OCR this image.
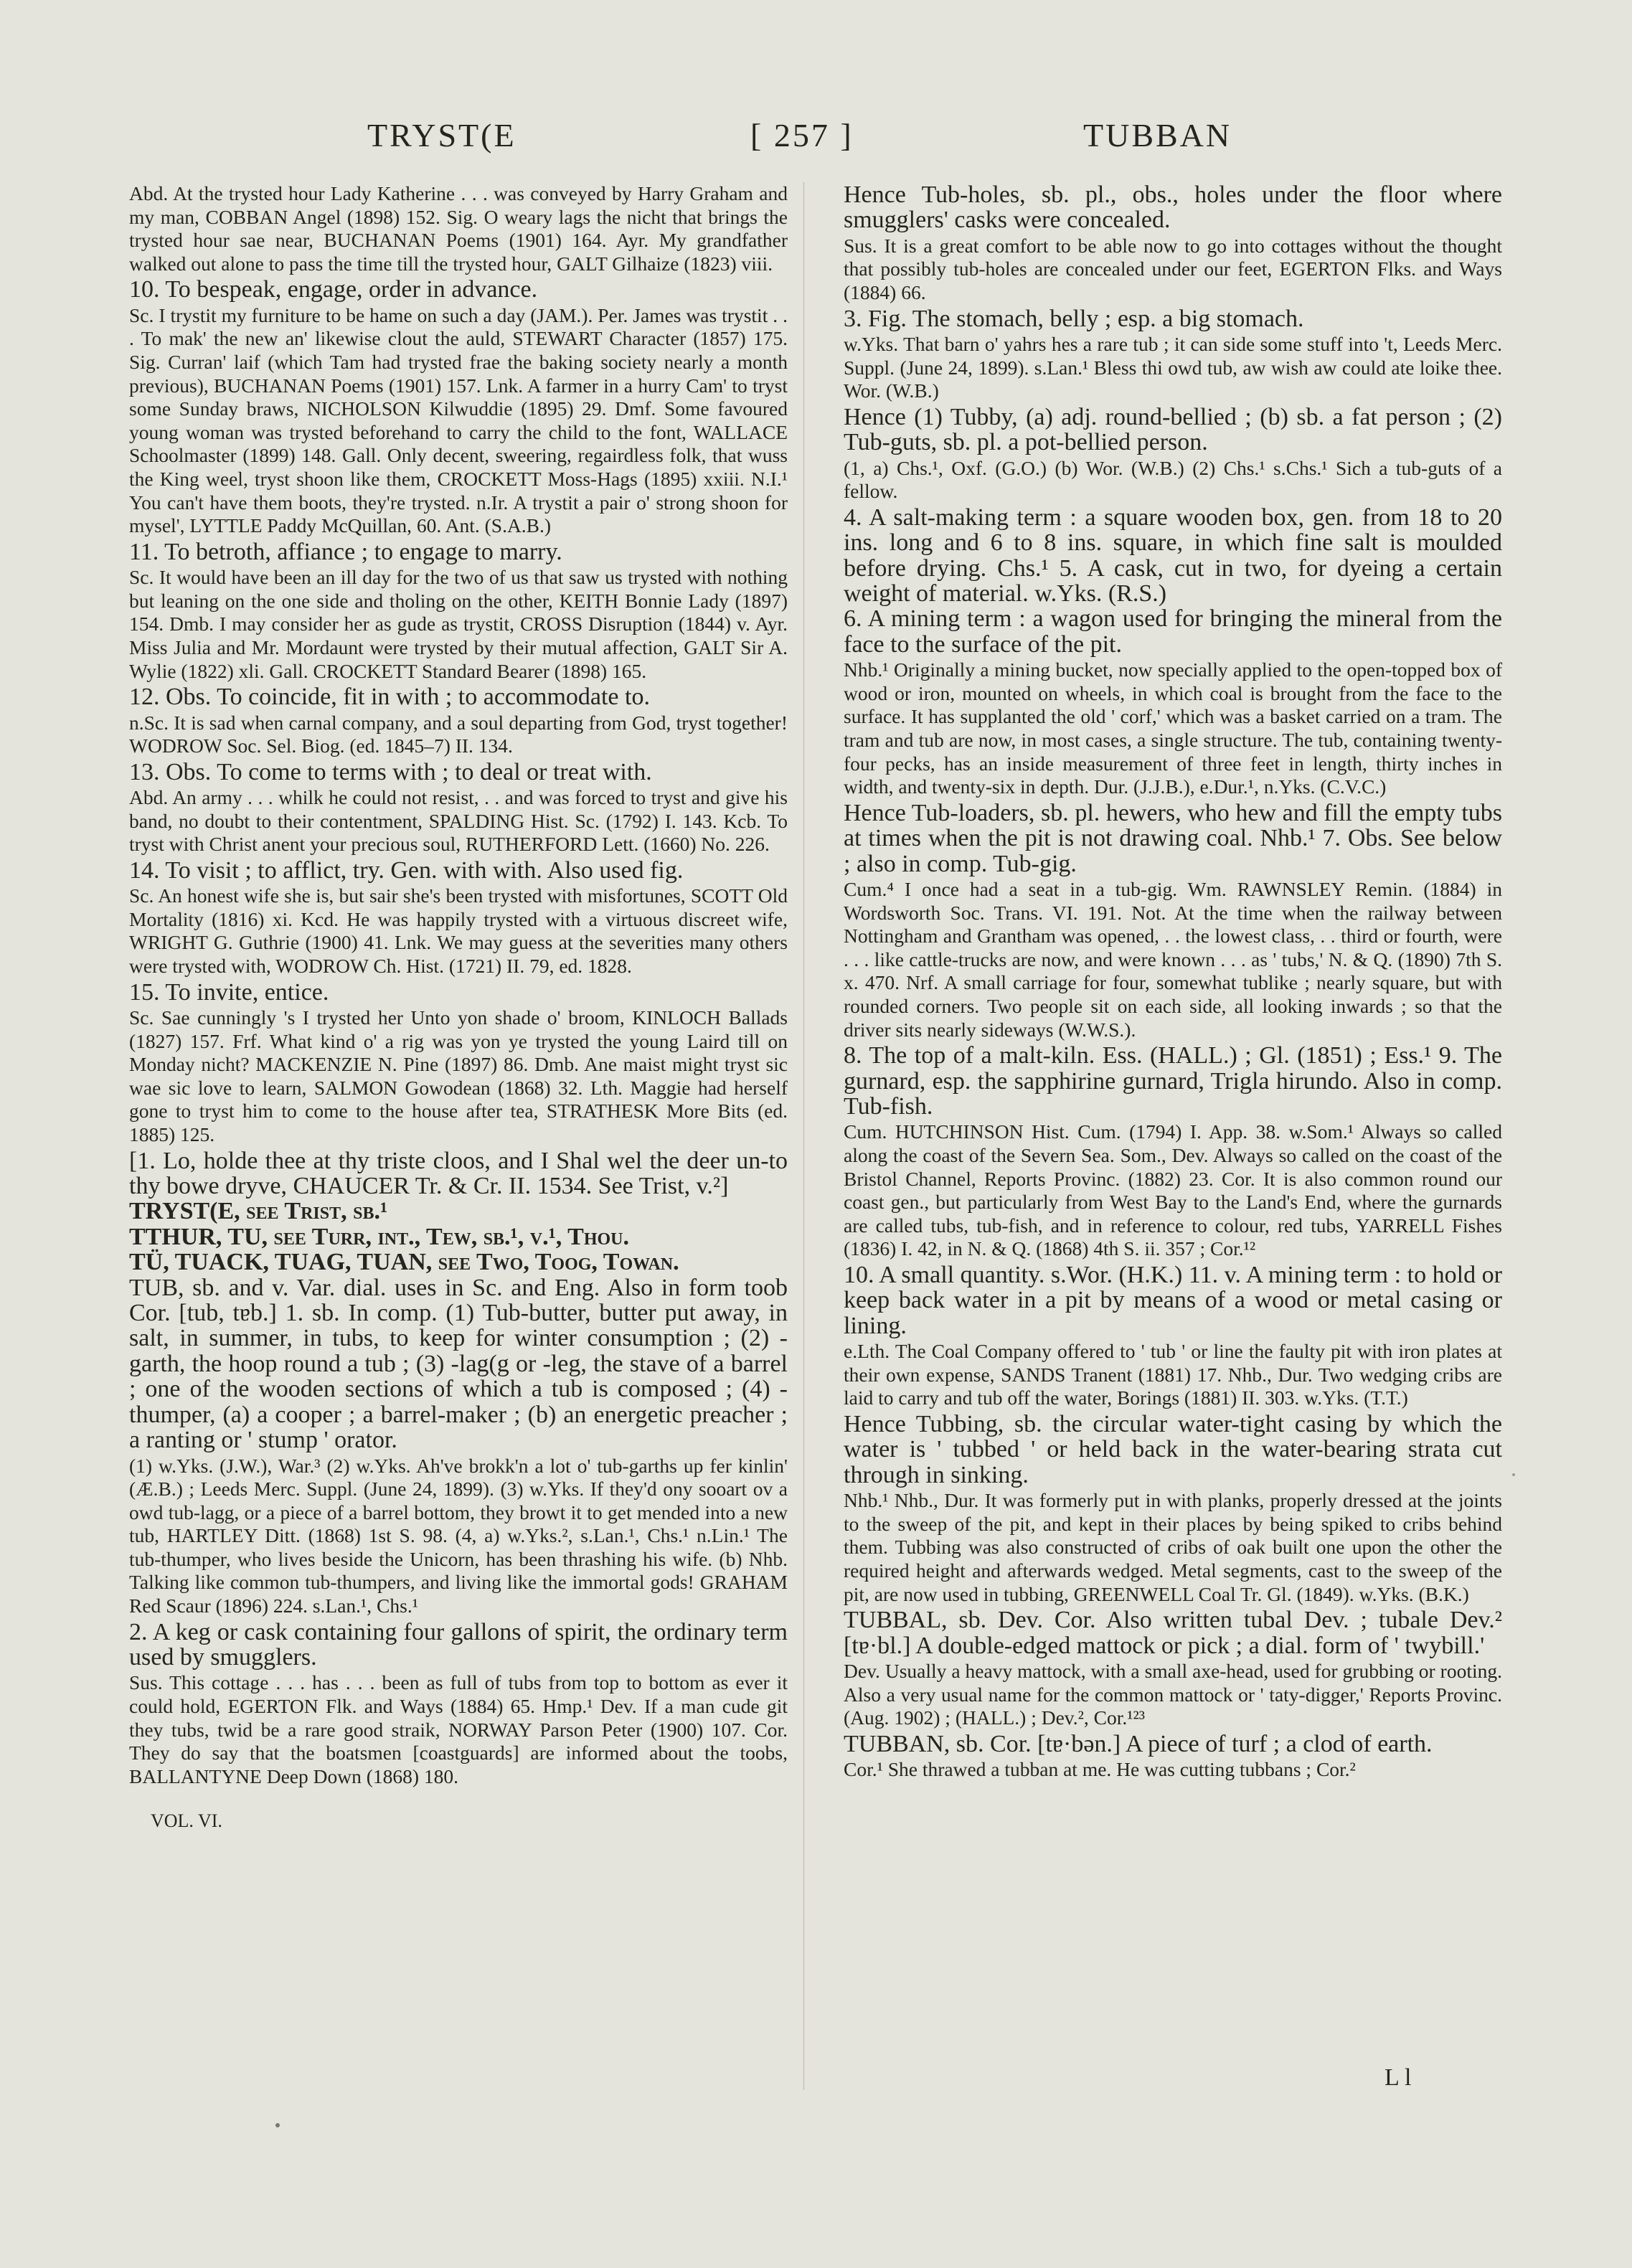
TRYST(E	[ 257 ]	TUBBAN

Abd. At the trysted hour Lady Katherine . . . was conveyed by Harry Graham and my man, COBBAN Angel (1898) 152. Sig. O weary lags the nicht that brings the trysted hour sae near, BUCHANAN Poems (1901) 164. Ayr. My grandfather walked out alone to pass the time till the trysted hour, GALT Gilhaize (1823) viii.

10. To bespeak, engage, order in advance.

Sc. I trystit my furniture to be hame on such a day (JAM.). Per. James was trystit . . . To mak' the new an' likewise clout the auld, STEWART Character (1857) 175. Sig. Curran' laif (which Tam had trysted frae the baking society nearly a month previous), BUCHANAN Poems (1901) 157. Lnk. A farmer in a hurry Cam' to tryst some Sunday braws, NICHOLSON Kilwuddie (1895) 29. Dmf. Some favoured young woman was trysted beforehand to carry the child to the font, WALLACE Schoolmaster (1899) 148. Gall. Only decent, sweering, regairdless folk, that wuss the King weel, tryst shoon like them, CROCKETT Moss-Hags (1895) xxiii. N.I.¹ You can't have them boots, they're trysted. n.Ir. A trystit a pair o' strong shoon for mysel', LYTTLE Paddy McQuillan, 60. Ant. (S.A.B.)

11. To betroth, affiance ; to engage to marry.

Sc. It would have been an ill day for the two of us that saw us trysted with nothing but leaning on the one side and tholing on the other, KEITH Bonnie Lady (1897) 154. Dmb. I may consider her as gude as trystit, CROSS Disruption (1844) v. Ayr. Miss Julia and Mr. Mordaunt were trysted by their mutual affection, GALT Sir A. Wylie (1822) xli. Gall. CROCKETT Standard Bearer (1898) 165.

12. Obs. To coincide, fit in with ; to accommodate to.

n.Sc. It is sad when carnal company, and a soul departing from God, tryst together! WODROW Soc. Sel. Biog. (ed. 1845–7) II. 134.

13. Obs. To come to terms with ; to deal or treat with.

Abd. An army . . . whilk he could not resist, . . and was forced to tryst and give his band, no doubt to their contentment, SPALDING Hist. Sc. (1792) I. 143. Kcb. To tryst with Christ anent your precious soul, RUTHERFORD Lett. (1660) No. 226.

14. To visit ; to afflict, try. Gen. with with. Also used fig.

Sc. An honest wife she is, but sair she's been trysted with misfortunes, SCOTT Old Mortality (1816) xi. Kcd. He was happily trysted with a virtuous discreet wife, WRIGHT G. Guthrie (1900) 41. Lnk. We may guess at the severities many others were trysted with, WODROW Ch. Hist. (1721) II. 79, ed. 1828.

15. To invite, entice.

Sc. Sae cunningly 's I trysted her Unto yon shade o' broom, KINLOCH Ballads (1827) 157. Frf. What kind o' a rig was yon ye trysted the young Laird till on Monday nicht? MACKENZIE N. Pine (1897) 86. Dmb. Ane maist might tryst sic wae sic love to learn, SALMON Gowodean (1868) 32. Lth. Maggie had herself gone to tryst him to come to the house after tea, STRATHESK More Bits (ed. 1885) 125.

[1. Lo, holde thee at thy triste cloos, and I Shal wel the deer un-to thy bowe dryve, CHAUCER Tr. & Cr. II. 1534. See Trist, v.²]

TRYST(E, see Trist, sb.¹

TTHUR, TU, see Turr, int., Tew, sb.¹, v.¹, Thou.

TÜ, TUACK, TUAG, TUAN, see Two, Toog, Towan.

TUB, sb. and v. Var. dial. uses in Sc. and Eng. Also in form toob Cor. [tub, tɐb.] 1. sb. In comp. (1) Tub-butter, butter put away, in salt, in summer, in tubs, to keep for winter consumption ; (2) -garth, the hoop round a tub ; (3) -lag(g or -leg, the stave of a barrel ; one of the wooden sections of which a tub is composed ; (4) -thumper, (a) a cooper ; a barrel-maker ; (b) an energetic preacher ; a ranting or ' stump ' orator.

(1) w.Yks. (J.W.), War.³ (2) w.Yks. Ah've brokk'n a lot o' tub-garths up fer kinlin' (Æ.B.) ; Leeds Merc. Suppl. (June 24, 1899). (3) w.Yks. If they'd ony sooart ov a owd tub-lagg, or a piece of a barrel bottom, they browt it to get mended into a new tub, HARTLEY Ditt. (1868) 1st S. 98. (4, a) w.Yks.², s.Lan.¹, Chs.¹ n.Lin.¹ The tub-thumper, who lives beside the Unicorn, has been thrashing his wife. (b) Nhb. Talking like common tub-thumpers, and living like the immortal gods! GRAHAM Red Scaur (1896) 224. s.Lan.¹, Chs.¹

2. A keg or cask containing four gallons of spirit, the ordinary term used by smugglers.

Sus. This cottage . . . has . . . been as full of tubs from top to bottom as ever it could hold, EGERTON Flk. and Ways (1884) 65. Hmp.¹ Dev. If a man cude git they tubs, twid be a rare good straik, NORWAY Parson Peter (1900) 107. Cor. They do say that the boatsmen [coastguards] are informed about the toobs, BALLANTYNE Deep Down (1868) 180.

VOL. VI.

Hence Tub-holes, sb. pl., obs., holes under the floor where smugglers' casks were concealed.

Sus. It is a great comfort to be able now to go into cottages without the thought that possibly tub-holes are concealed under our feet, EGERTON Flks. and Ways (1884) 66.

3. Fig. The stomach, belly ; esp. a big stomach.

w.Yks. That barn o' yahrs hes a rare tub ; it can side some stuff into 't, Leeds Merc. Suppl. (June 24, 1899). s.Lan.¹ Bless thi owd tub, aw wish aw could ate loike thee. Wor. (W.B.)

Hence (1) Tubby, (a) adj. round-bellied ; (b) sb. a fat person ; (2) Tub-guts, sb. pl. a pot-bellied person.

(1, a) Chs.¹, Oxf. (G.O.) (b) Wor. (W.B.) (2) Chs.¹ s.Chs.¹ Sich a tub-guts of a fellow.

4. A salt-making term : a square wooden box, gen. from 18 to 20 ins. long and 6 to 8 ins. square, in which fine salt is moulded before drying. Chs.¹ 5. A cask, cut in two, for dyeing a certain weight of material. w.Yks. (R.S.)

6. A mining term : a wagon used for bringing the mineral from the face to the surface of the pit.

Nhb.¹ Originally a mining bucket, now specially applied to the open-topped box of wood or iron, mounted on wheels, in which coal is brought from the face to the surface. It has supplanted the old ' corf,' which was a basket carried on a tram. The tram and tub are now, in most cases, a single structure. The tub, containing twenty-four pecks, has an inside measurement of three feet in length, thirty inches in width, and twenty-six in depth. Dur. (J.J.B.), e.Dur.¹, n.Yks. (C.V.C.)

Hence Tub-loaders, sb. pl. hewers, who hew and fill the empty tubs at times when the pit is not drawing coal. Nhb.¹ 7. Obs. See below ; also in comp. Tub-gig.

Cum.⁴ I once had a seat in a tub-gig. Wm. RAWNSLEY Remin. (1884) in Wordsworth Soc. Trans. VI. 191. Not. At the time when the railway between Nottingham and Grantham was opened, . . the lowest class, . . third or fourth, were . . . like cattle-trucks are now, and were known . . . as ' tubs,' N. & Q. (1890) 7th S. x. 470. Nrf. A small carriage for four, somewhat tublike ; nearly square, but with rounded corners. Two people sit on each side, all looking inwards ; so that the driver sits nearly sideways (W.W.S.).

8. The top of a malt-kiln. Ess. (HALL.) ; Gl. (1851) ; Ess.¹ 9. The gurnard, esp. the sapphirine gurnard, Trigla hirundo. Also in comp. Tub-fish.

Cum. HUTCHINSON Hist. Cum. (1794) I. App. 38. w.Som.¹ Always so called along the coast of the Severn Sea. Som., Dev. Always so called on the coast of the Bristol Channel, Reports Provinc. (1882) 23. Cor. It is also common round our coast gen., but particularly from West Bay to the Land's End, where the gurnards are called tubs, tub-fish, and in reference to colour, red tubs, YARRELL Fishes (1836) I. 42, in N. & Q. (1868) 4th S. ii. 357 ; Cor.¹²

10. A small quantity. s.Wor. (H.K.) 11. v. A mining term : to hold or keep back water in a pit by means of a wood or metal casing or lining.

e.Lth. The Coal Company offered to ' tub ' or line the faulty pit with iron plates at their own expense, SANDS Tranent (1881) 17. Nhb., Dur. Two wedging cribs are laid to carry and tub off the water, Borings (1881) II. 303. w.Yks. (T.T.)

Hence Tubbing, sb. the circular water-tight casing by which the water is ' tubbed ' or held back in the water-bearing strata cut through in sinking.

Nhb.¹ Nhb., Dur. It was formerly put in with planks, properly dressed at the joints to the sweep of the pit, and kept in their places by being spiked to cribs behind them. Tubbing was also constructed of cribs of oak built one upon the other the required height and afterwards wedged. Metal segments, cast to the sweep of the pit, are now used in tubbing, GREENWELL Coal Tr. Gl. (1849). w.Yks. (B.K.)

TUBBAL, sb. Dev. Cor. Also written tubal Dev. ; tubale Dev.² [tɐ·bl.] A double-edged mattock or pick ; a dial. form of ' twybill.'

Dev. Usually a heavy mattock, with a small axe-head, used for grubbing or rooting. Also a very usual name for the common mattock or ' taty-digger,' Reports Provinc. (Aug. 1902) ; (HALL.) ; Dev.², Cor.¹²³

TUBBAN, sb. Cor. [tɐ·bən.] A piece of turf ; a clod of earth.

Cor.¹ She thrawed a tubban at me. He was cutting tubbans ; Cor.²

L l
